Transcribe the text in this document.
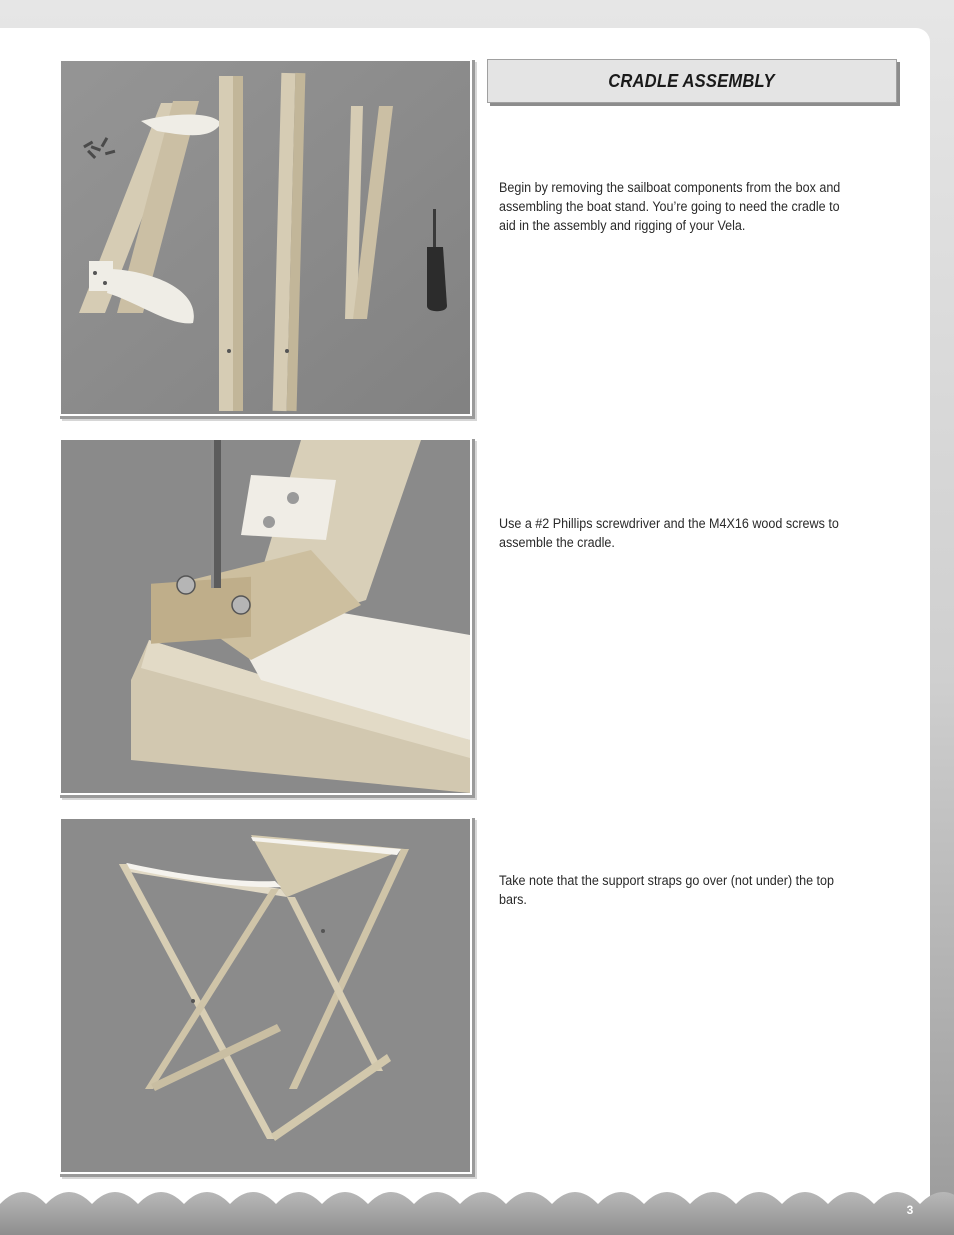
CRADLE ASSEMBLY

Begin by removing the sailboat components from the box and assembling the boat stand. You’re going to need the cradle to aid in the assembly and rigging of your Vela.

Use a #2 Phillips screwdriver and the M4X16 wood screws to assemble the cradle.

Take note that the support straps go over (not under) the top bars.

3
